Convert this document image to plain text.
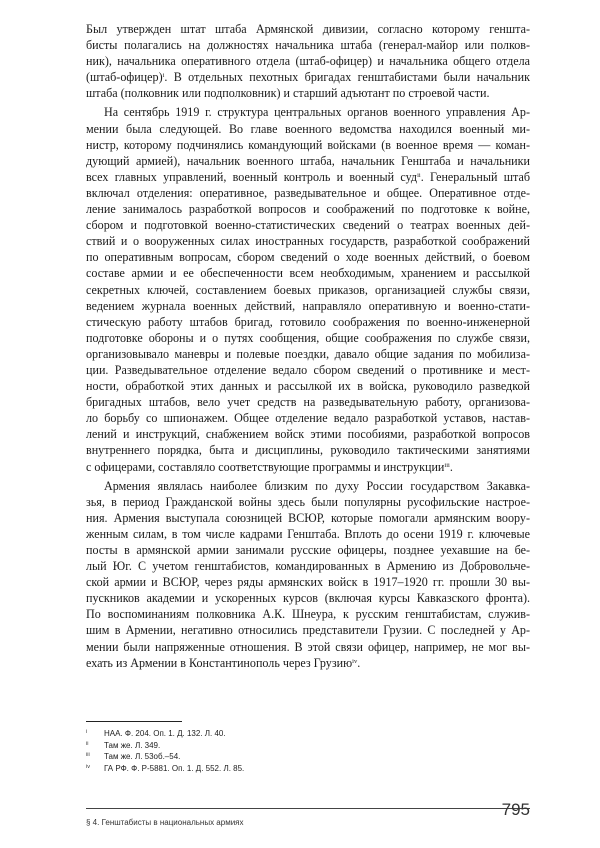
Был утвержден штат штаба Армянской дивизии, согласно которому геншта-
бисты полагались на должностях начальника штаба (генерал-майор или полков-
ник), начальника оперативного отдела (штаб-офицер) и начальника общего отдела
(штаб-офицер)$^i$. В отдельных пехотных бригадах генштабистами были начальник
штаба (полковник или подполковник) и старший адъютант по строевой части.
На сентябрь 1919 г. структура центральных органов военного управления Ар-
мении была следующей. Во главе военного ведомства находился военный ми-
нистр, которому подчинялись командующий войсками (в военное время — коман-
дующий армией), начальник военного штаба, начальник Генштаба и начальники
всех главных управлений, военный контроль и военный суд$^{ii}$. Генеральный штаб
включал отделения: оперативное, разведывательное и общее. Оперативное отде-
ление занималось разработкой вопросов и соображений по подготовке к войне,
сбором и подготовкой военно-статистических сведений о театрах военных дей-
ствий и о вооруженных силах иностранных государств, разработкой соображений
по оперативным вопросам, сбором сведений о ходе военных действий, о боевом
составе армии и ее обеспеченности всем необходимым, хранением и рассылкой
секретных ключей, составлением боевых приказов, организацией службы связи,
ведением журнала военных действий, направляло оперативную и военно-стати-
стическую работу штабов бригад, готовило соображения по военно-инженерной
подготовке обороны и о путях сообщения, общие соображения по службе связи,
организовывало маневры и полевые поездки, давало общие задания по мобилиза-
ции. Разведывательное отделение ведало сбором сведений о противнике и мест-
ности, обработкой этих данных и рассылкой их в войска, руководило разведкой
бригадных штабов, вело учет средств на разведывательную работу, организова-
ло борьбу со шпионажем. Общее отделение ведало разработкой уставов, настав-
лений и инструкций, снабжением войск этими пособиями, разработкой вопросов
внутреннего порядка, быта и дисциплины, руководило тактическими занятиями
с офицерами, составляло соответствующие программы и инструкции$^{iii}$.
Армения являлась наиболее близким по духу России государством Закавка-
зья, в период Гражданской войны здесь были популярны русофильские настрое-
ния. Армения выступала союзницей ВСЮР, которые помогали армянским воору-
женным силам, в том числе кадрами Генштаба. Вплоть до осени 1919 г. ключевые
посты в армянской армии занимали русские офицеры, позднее уехавшие на бе-
лый Юг. С учетом генштабистов, командированных в Армению из Добровольче-
ской армии и ВСЮР, через ряды армянских войск в 1917–1920 гг. прошли 30 вы-
пускников академии и ускоренных курсов (включая курсы Кавказского фронта).
По воспоминаниям полковника А.К. Шнеура, к русским генштабистам, служив-
шим в Армении, негативно относились представители Грузии. С последней у Ар-
мении были напряженные отношения. В этой связи офицер, например, не мог вы-
ехать из Армении в Константинополь через Грузию$^{iv}$.
i	НАА. Ф. 204. Оп. 1. Д. 132. Л. 40.
ii	Там же. Л. 349.
iii	Там же. Л. 53об.–54.
iv	ГА РФ. Ф. Р-5881. Оп. 1. Д. 552. Л. 85.
§ 4. Генштабисты в национальных армиях
795
